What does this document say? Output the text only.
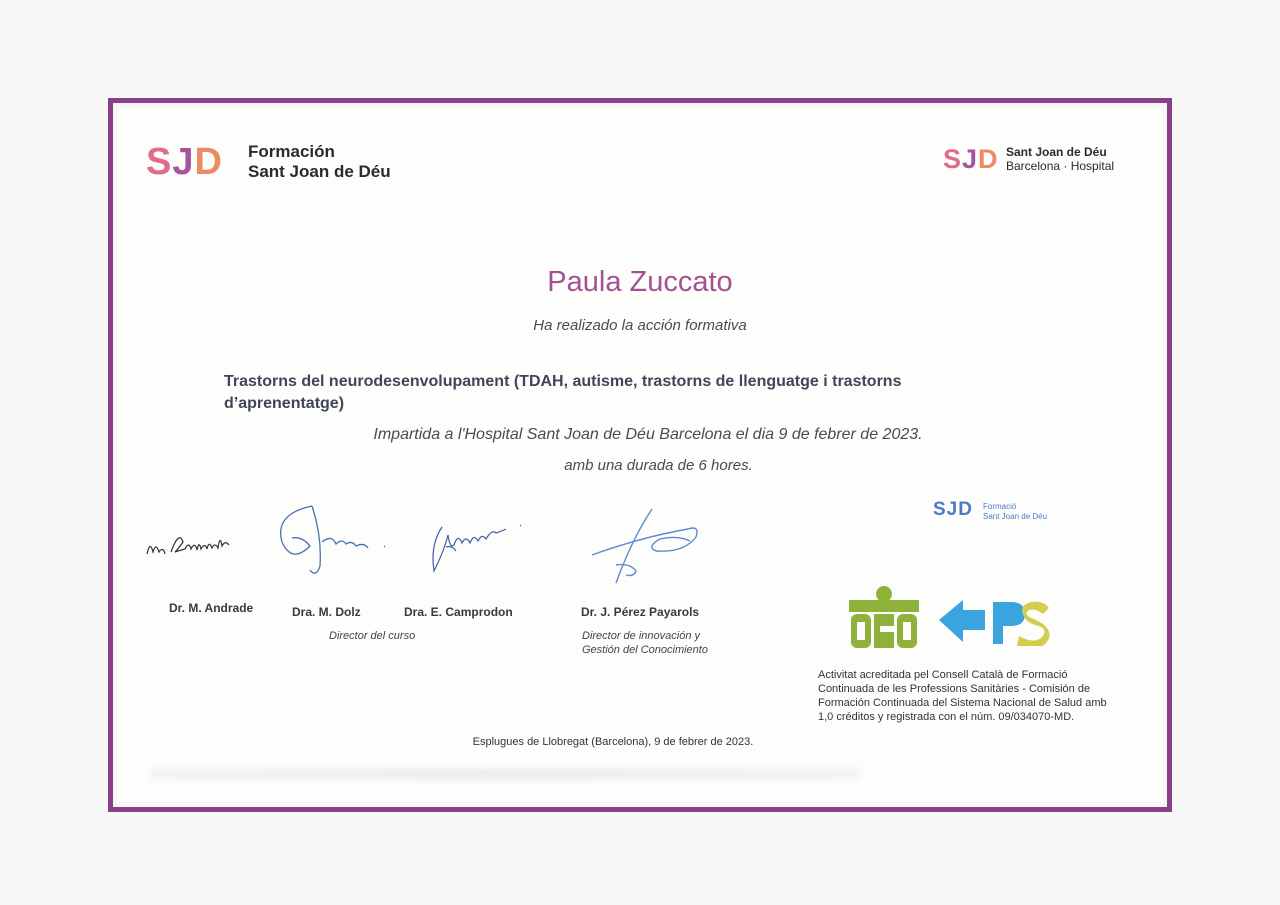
SJD Formación
Sant Joan de Déu	SJD Sant Joan de Déu
Barcelona · Hospital
Paula Zuccato
Ha realizado la acción formativa
Trastorns del neurodesenvolupament (TDAH, autisme, trastorns de llenguatge i trastorns d’aprenentatge)
Impartida a l'Hospital Sant Joan de Déu Barcelona el dia 9 de febrer de 2023.
amb una durada de 6 hores.
Dr. M. Andrade	Dra. M. Dolz
Director del curso
Dra. E. Camprodon	Dr. J. Pérez Payarols
Director de innovación y Gestión del Conocimiento
SJD Formació
Sant Joan de Déu
Activitat acreditada pel Consell Català de Formació Continuada de les Professions Sanitàries - Comisión de Formación Continuada del Sistema Nacional de Salud amb 1,0 créditos y registrada con el núm. 09/034070-MD.
Esplugues de Llobregat (Barcelona), 9 de febrer de 2023.
